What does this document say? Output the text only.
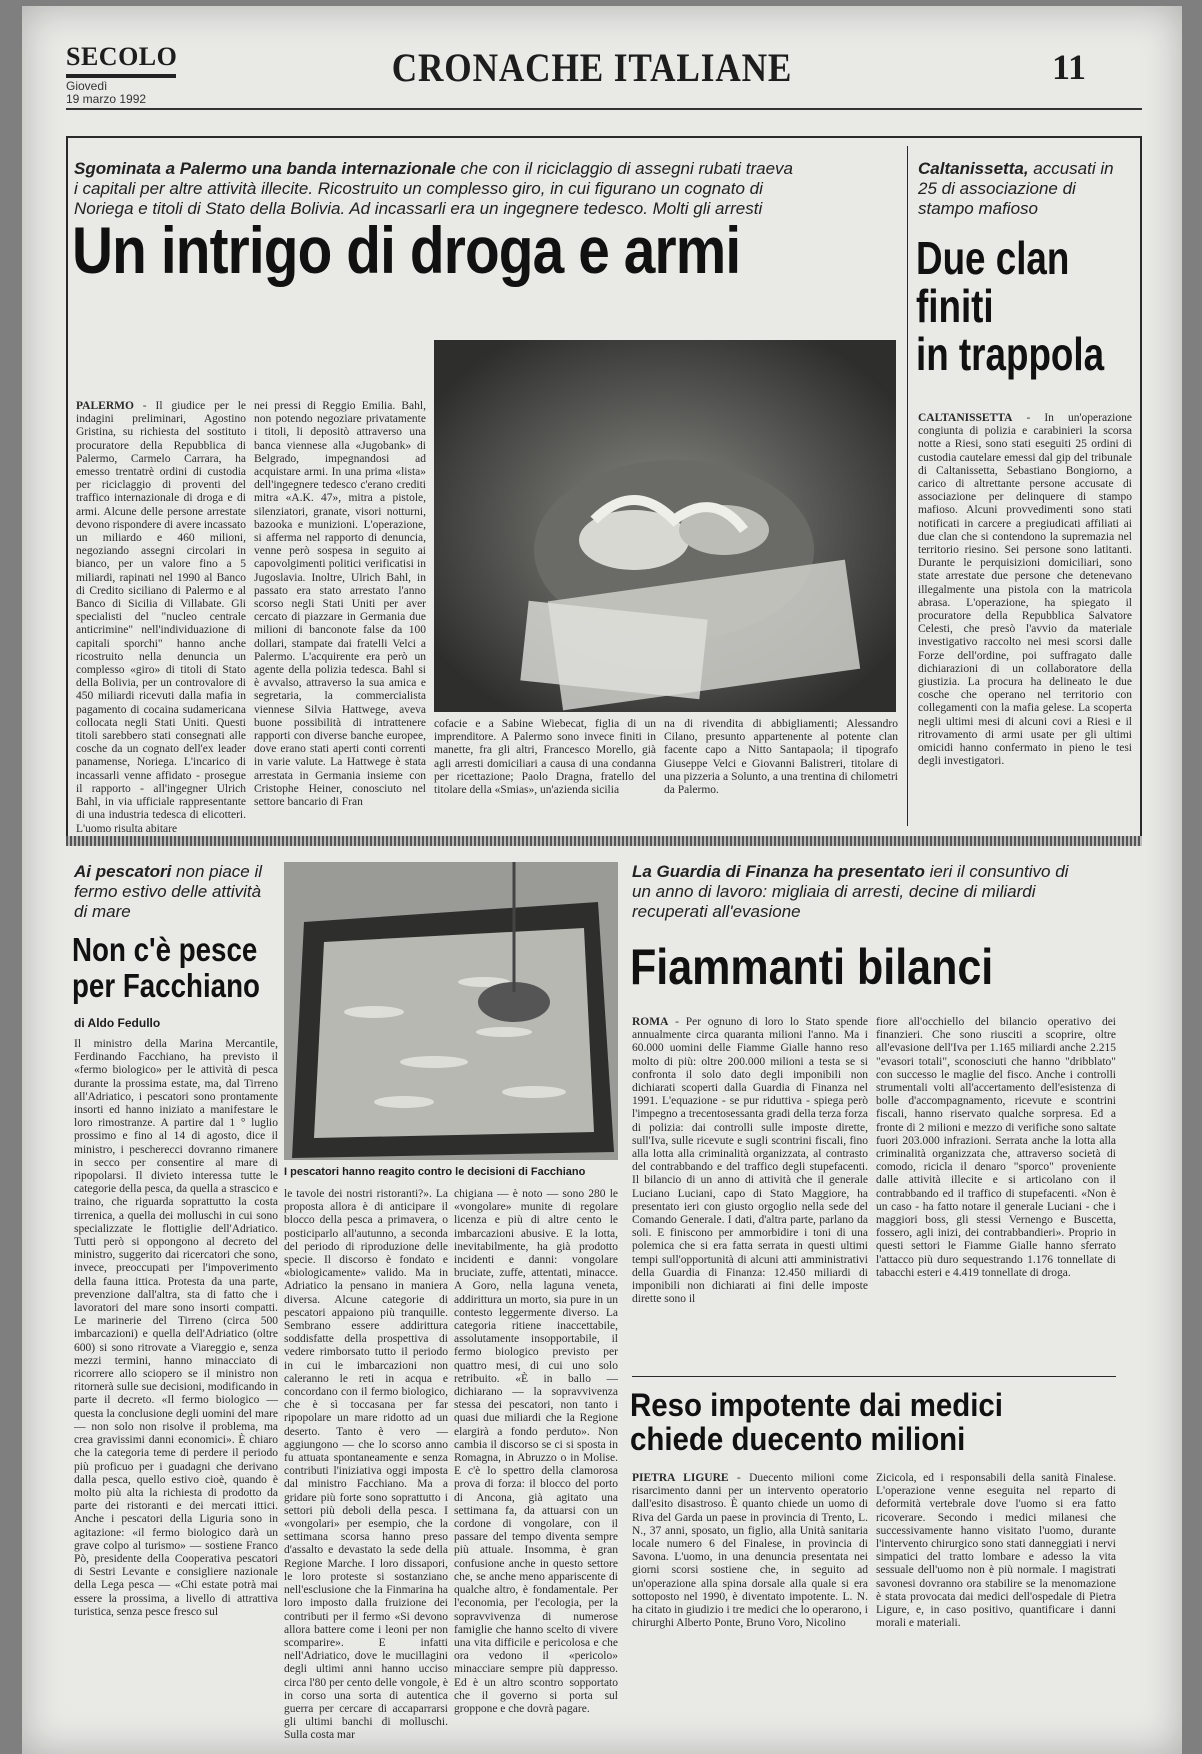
SECOLO
Giovedì
19 marzo 1992
CRONACHE ITALIANE	11
Sgominata a Palermo una banda internazionale che con il riciclaggio di assegni rubati traeva i capitali per altre attività illecite. Ricostruito un complesso giro, in cui figurano un cognato di Noriega e titoli di Stato della Bolivia. Ad incassarli era un ingegnere tedesco. Molti gli arresti
Un intrigo di droga e armi
PALERMO - Il giudice per le indagini preliminari, Agostino Gristina, su richiesta del sostituto procuratore della Repubblica di Palermo, Carmelo Carrara, ha emesso trentatrè ordini di custodia per riciclaggio di proventi del traffico internazionale di droga e di armi. Alcune delle persone arrestate devono rispondere di avere incassato un miliardo e 460 milioni, negoziando assegni circolari in bianco, per un valore fino a 5 miliardi, rapinati nel 1990 al Banco di Credito siciliano di Palermo e al Banco di Sicilia di Villabate. Gli specialisti del "nucleo centrale anticrimine" nell'individuazione di capitali sporchi" hanno anche ricostruito nella denuncia un complesso «giro» di titoli di Stato della Bolivia, per un controvalore di 450 miliardi ricevuti dalla mafia in pagamento di cocaina sudamericana collocata negli Stati Uniti. Questi titoli sarebbero stati consegnati alle cosche da un cognato dell'ex leader panamense, Noriega. L'incarico di incassarli venne affidato - prosegue il rapporto - all'ingegner Ulrich Bahl, in via ufficiale rappresentante di una industria tedesca di elicotteri. L'uomo risulta abitare
nei pressi di Reggio Emilia. Bahl, non potendo negoziare privatamente i titoli, li depositò attraverso una banca viennese alla «Jugobank» di Belgrado, impegnandosi ad acquistare armi. In una prima «lista» dell'ingegnere tedesco c'erano crediti mitra «A.K. 47», mitra a pistole, silenziatori, granate, visori notturni, bazooka e munizioni. L'operazione, si afferma nel rapporto di denuncia, venne però sospesa in seguito ai capovolgimenti politici verificatisi in Jugoslavia. Inoltre, Ulrich Bahl, in passato era stato arrestato l'anno scorso negli Stati Uniti per aver cercato di piazzare in Germania due milioni di banconote false da 100 dollari, stampate dai fratelli Velci a Palermo. L'acquirente era però un agente della polizia tedesca. Bahl si è avvalso, attraverso la sua amica e segretaria, la commercialista viennese Silvia Hattwege, aveva buone possibilità di intrattenere rapporti con diverse banche europee, dove erano stati aperti conti correnti in varie valute. La Hattwege è stata arrestata in Germania insieme con Cristophe Heiner, conosciuto nel settore bancario di Fran
cofacie e a Sabine Wiebecat, figlia di un imprenditore. A Palermo sono invece finiti in manette, fra gli altri, Francesco Morello, già agli arresti domiciliari a causa di una condanna per ricettazione; Paolo Dragna, fratello del titolare della «Smias», un'azienda sicilia
na di rivendita di abbigliamenti; Alessandro Cilano, presunto appartenente al potente clan facente capo a Nitto Santapaola; il tipografo Giuseppe Velci e Giovanni Balistreri, titolare di una pizzeria a Solunto, a una trentina di chilometri da Palermo.
Caltanissetta, accusati in 25 di associazione di stampo mafioso
Due clan
finiti
in trappola
CALTANISSETTA - In un'operazione congiunta di polizia e carabinieri la scorsa notte a Riesi, sono stati eseguiti 25 ordini di custodia cautelare emessi dal gip del tribunale di Caltanissetta, Sebastiano Bongiorno, a carico di altrettante persone accusate di associazione per delinquere di stampo mafioso. Alcuni provvedimenti sono stati notificati in carcere a pregiudicati affiliati ai due clan che si contendono la supremazia nel territorio riesino. Sei persone sono latitanti. Durante le perquisizioni domiciliari, sono state arrestate due persone che detenevano illegalmente una pistola con la matricola abrasa. L'operazione, ha spiegato il procuratore della Repubblica Salvatore Celesti, che presò l'avvio da materiale investigativo raccolto nei mesi scorsi dalle Forze dell'ordine, poi suffragato dalle dichiarazioni di un collaboratore della giustizia. La procura ha delineato le due cosche che operano nel territorio con collegamenti con la mafia gelese. La scoperta negli ultimi mesi di alcuni covi a Riesi e il ritrovamento di armi usate per gli ultimi omicidi hanno confermato in pieno le tesi degli investigatori.
Ai pescatori non piace il fermo estivo delle attività di mare
Non c'è pesce
per Facchiano
di Aldo Fedullo
Il ministro della Marina Mercantile, Ferdinando Facchiano, ha previsto il «fermo biologico» per le attività di pesca durante la prossima estate, ma, dal Tirreno all'Adriatico, i pescatori sono prontamente insorti ed hanno iniziato a manifestare le loro rimostranze. A partire dal 1 ° luglio prossimo e fino al 14 di agosto, dice il ministro, i pescherecci dovranno rimanere in secco per consentire al mare di ripopolarsi. Il divieto interessa tutte le categorie della pesca, da quella a strascico e traino, che riguarda soprattutto la costa tirrenica, a quella dei molluschi in cui sono specializzate le flottiglie dell'Adriatico. Tutti però si oppongono al decreto del ministro, suggerito dai ricercatori che sono, invece, preoccupati per l'impoverimento della fauna ittica. Protesta da una parte, prevenzione dall'altra, sta di fatto che i lavoratori del mare sono insorti compatti. Le marinerie del Tirreno (circa 500 imbarcazioni) e quella dell'Adriatico (oltre 600) si sono ritrovate a Viareggio e, senza mezzi termini, hanno minacciato di ricorrere allo sciopero se il ministro non ritornerà sulle sue decisioni, modificando in parte il decreto. «Il fermo biologico — questa la conclusione degli uomini del mare — non solo non risolve il problema, ma crea gravissimi danni economici». È chiaro che la categoria teme di perdere il periodo più proficuo per i guadagni che derivano dalla pesca, quello estivo cioè, quando è molto più alta la richiesta di prodotto da parte dei ristoranti e dei mercati ittici. Anche i pescatori della Liguria sono in agitazione: «il fermo biologico darà un grave colpo al turismo» — sostiene Franco Pò, presidente della Cooperativa pescatori di Sestri Levante e consigliere nazionale della Lega pesca — «Chi estate potrà mai essere la prossima, a livello di attrattiva turistica, senza pesce fresco sul
I pescatori hanno reagito contro le decisioni di Facchiano
le tavole dei nostri ristoranti?». La proposta allora è di anticipare il blocco della pesca a primavera, o posticiparlo all'autunno, a seconda del periodo di riproduzione delle specie. Il discorso è fondato e «biologicamente» valido. Ma in Adriatico la pensano in maniera diversa. Alcune categorie di pescatori appaiono più tranquille. Sembrano essere addirittura soddisfatte della prospettiva di vedere rimborsato tutto il periodo in cui le imbarcazioni non caleranno le reti in acqua e concordano con il fermo biologico, che è sì toccasana per far ripopolare un mare ridotto ad un deserto. Tanto è vero — aggiungono — che lo scorso anno fu attuata spontaneamente e senza contributi l'iniziativa oggi imposta dal ministro Facchiano. Ma a gridare più forte sono soprattutto i settori più deboli della pesca. I «vongolari» per esempio, che la settimana scorsa hanno preso d'assalto e devastato la sede della Regione Marche. I loro dissapori, le loro proteste si sostanziano nell'esclusione che la Finmarina ha loro imposto dalla fruizione dei contributi per il fermo «Si devono allora battere come i leoni per non scomparire». E infatti nell'Adriatico, dove le mucillagini degli ultimi anni hanno ucciso circa l'80 per cento delle vongole, è in corso una sorta di autentica guerra per cercare di accaparrarsi gli ultimi banchi di molluschi. Sulla costa mar
chigiana — è noto — sono 280 le «vongolare» munite di regolare licenza e più di altre cento le imbarcazioni abusive. E la lotta, inevitabilmente, ha già prodotto incidenti e danni: vongolare bruciate, zuffe, attentati, minacce. A Goro, nella laguna veneta, addirittura un morto, sia pure in un contesto leggermente diverso. La categoria ritiene inaccettabile, assolutamente insopportabile, il fermo biologico previsto per quattro mesi, di cui uno solo retribuito. «È in ballo — dichiarano — la sopravvivenza stessa dei pescatori, non tanto i quasi due miliardi che la Regione elargirà a fondo perduto». Non cambia il discorso se ci si sposta in Romagna, in Abruzzo o in Molise. E c'è lo spettro della clamorosa prova di forza: il blocco del porto di Ancona, già agitato una settimana fa, da attuarsi con un cordone di vongolare, con il passare del tempo diventa sempre più attuale. Insomma, è gran confusione anche in questo settore che, se anche meno appariscente di qualche altro, è fondamentale. Per l'economia, per l'ecologia, per la sopravvivenza di numerose famiglie che hanno scelto di vivere una vita difficile e pericolosa e che ora vedono il «pericolo» minacciare sempre più dappresso. Ed è un altro scontro sopportato che il governo si porta sul groppone e che dovrà pagare.
La Guardia di Finanza ha presentato ieri il consuntivo di un anno di lavoro: migliaia di arresti, decine di miliardi recuperati all'evasione
Fiammanti bilanci
ROMA - Per ognuno di loro lo Stato spende annualmente circa quaranta milioni l'anno. Ma i 60.000 uomini delle Fiamme Gialle hanno reso molto di più: oltre 200.000 milioni a testa se si confronta il solo dato degli imponibili non dichiarati scoperti dalla Guardia di Finanza nel 1991. L'equazione - se pur riduttiva - spiega però l'impegno a trecentosessanta gradi della terza forza di polizia: dai controlli sulle imposte dirette, sull'Iva, sulle ricevute e sugli scontrini fiscali, fino alla lotta alla criminalità organizzata, al contrasto del contrabbando e del traffico degli stupefacenti. Il bilancio di un anno di attività che il generale Luciano Luciani, capo di Stato Maggiore, ha presentato ieri con giusto orgoglio nella sede del Comando Generale. I dati, d'altra parte, parlano da soli. E finiscono per ammorbidire i toni di una polemica che si era fatta serrata in questi ultimi tempi sull'opportunità di alcuni atti amministrativi della Guardia di Finanza: 12.450 miliardi di imponibili non dichiarati ai fini delle imposte dirette sono il
fiore all'occhiello del bilancio operativo dei finanzieri. Che sono riusciti a scoprire, oltre all'evasione dell'Iva per 1.165 miliardi anche 2.215 "evasori totali", sconosciuti che hanno "dribblato" con successo le maglie del fisco. Anche i controlli strumentali volti all'accertamento dell'esistenza di bolle d'accompagnamento, ricevute e scontrini fiscali, hanno riservato qualche sorpresa. Ed a fronte di 2 milioni e mezzo di verifiche sono saltate fuori 203.000 infrazioni. Serrata anche la lotta alla criminalità organizzata che, attraverso società di comodo, ricicla il denaro "sporco" proveniente dalle attività illecite e si articolano con il contrabbando ed il traffico di stupefacenti. «Non è un caso - ha fatto notare il generale Luciani - che i maggiori boss, gli stessi Vernengo e Buscetta, fossero, agli inizi, dei contrabbandieri». Proprio in questi settori le Fiamme Gialle hanno sferrato l'attacco più duro sequestrando 1.176 tonnellate di tabacchi esteri e 4.419 tonnellate di droga.
Reso impotente dai medici
chiede duecento milioni
PIETRA LIGURE - Duecento milioni come risarcimento danni per un intervento operatorio dall'esito disastroso. È quanto chiede un uomo di Riva del Garda un paese in provincia di Trento, L. N., 37 anni, sposato, un figlio, alla Unità sanitaria locale numero 6 del Finalese, in provincia di Savona. L'uomo, in una denuncia presentata nei giorni scorsi sostiene che, in seguito ad un'operazione alla spina dorsale alla quale si era sottoposto nel 1990, è diventato impotente. L. N. ha citato in giudizio i tre medici che lo operarono, i chirurghi Alberto Ponte, Bruno Voro, Nicolino
Zicicola, ed i responsabili della sanità Finalese. L'operazione venne eseguita nel reparto di deformità vertebrale dove l'uomo si era fatto ricoverare. Secondo i medici milanesi che successivamente hanno visitato l'uomo, durante l'intervento chirurgico sono stati danneggiati i nervi simpatici del tratto lombare e adesso la vita sessuale dell'uomo non è più normale. I magistrati savonesi dovranno ora stabilire se la menomazione è stata provocata dai medici dell'ospedale di Pietra Ligure, e, in caso positivo, quantificare i danni morali e materiali.
